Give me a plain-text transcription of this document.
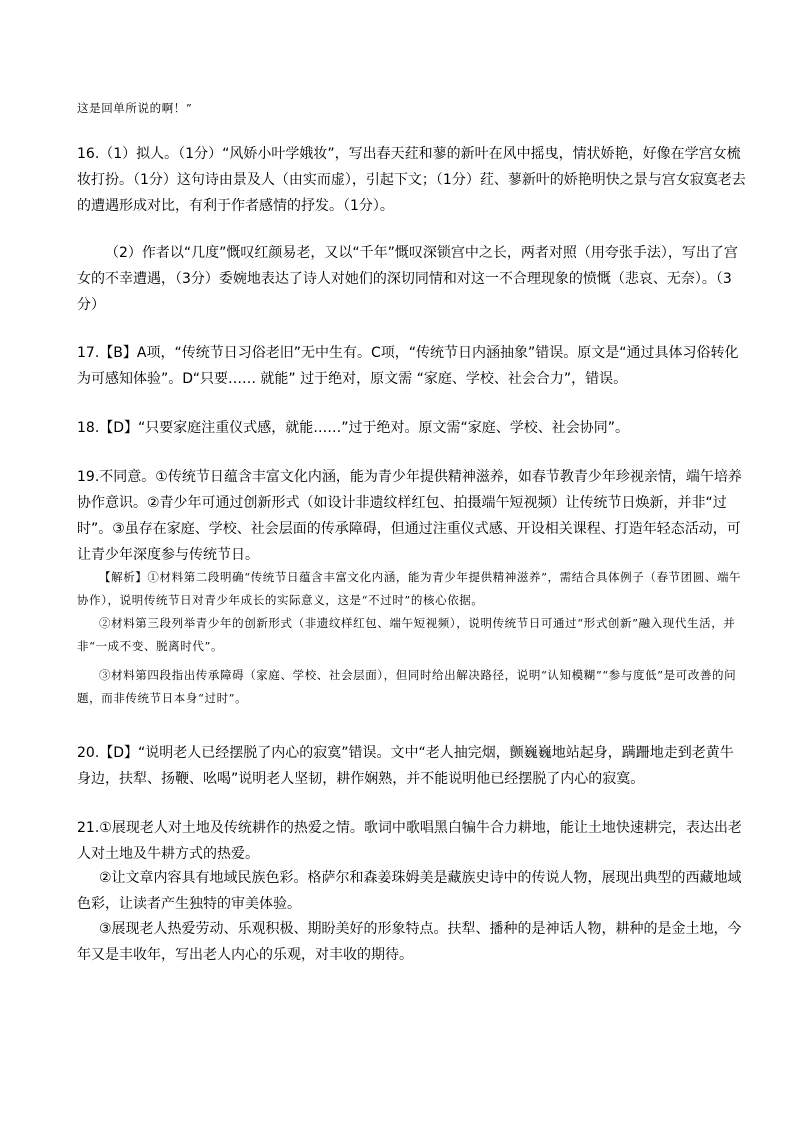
这是回单所说的啊！”

16.（1）拟人。（1分）“风娇小叶学娥妆”，写出春天荭和蓼的新叶在风中摇曳，情状娇艳，好像在学宫女梳妆打扮。（1分）这句诗由景及人（由实而虚），引起下文；（1分）荭、蓼新叶的娇艳明快之景与宫女寂寞老去的遭遇形成对比，有利于作者感情的抒发。（1分）。

（2）作者以“几度”慨叹红颜易老，又以“千年”慨叹深锁宫中之长，两者对照（用夸张手法），写出了宫女的不幸遭遇，（3分）委婉地表达了诗人对她们的深切同情和对这一不合理现象的愤慨（悲哀、无奈）。（3分）

17.【B】A项，“传统节日习俗老旧”无中生有。C项，“传统节日内涵抽象”错误。原文是“通过具体习俗转化为可感知体验”。D“只要…… 就能” 过于绝对，原文需 “家庭、学校、社会合力”，错误。

18.【D】“只要家庭注重仪式感，就能……”过于绝对。原文需“家庭、学校、社会协同”。

19.不同意。①传统节日蕴含丰富文化内涵，能为青少年提供精神滋养，如春节教青少年珍视亲情，端午培养协作意识。②青少年可通过创新形式（如设计非遗纹样红包、拍摄端午短视频）让传统节日焕新，并非“过时”。③虽存在家庭、学校、社会层面的传承障碍，但通过注重仪式感、开设相关课程、打造年轻态活动，可让青少年深度参与传统节日。

【解析】①材料第二段明确“传统节日蕴含丰富文化内涵，能为青少年提供精神滋养”，需结合具体例子（春节团圆、端午协作），说明传统节日对青少年成长的实际意义，这是“不过时”的核心依据。

②材料第三段列举青少年的创新形式（非遗纹样红包、端午短视频），说明传统节日可通过“形式创新”融入现代生活，并非“一成不变、脱离时代”。

③材料第四段指出传承障碍（家庭、学校、社会层面），但同时给出解决路径，说明“认知模糊”“参与度低”是可改善的问题，而非传统节日本身“过时”。

20.【D】“说明老人已经摆脱了内心的寂寞”错误。文中“老人抽完烟，颤巍巍地站起身，蹒跚地走到老黄牛身边，扶犁、扬鞭、吆喝”说明老人坚韧，耕作娴熟，并不能说明他已经摆脱了内心的寂寞。

21.①展现老人对土地及传统耕作的热爱之情。歌词中歌唱黑白犏牛合力耕地，能让土地快速耕完，表达出老人对土地及牛耕方式的热爱。

②让文章内容具有地域民族色彩。格萨尔和森姜珠姆美是藏族史诗中的传说人物，展现出典型的西藏地域色彩，让读者产生独特的审美体验。

③展现老人热爱劳动、乐观积极、期盼美好的形象特点。扶犁、播种的是神话人物，耕种的是金土地，今年又是丰收年，写出老人内心的乐观，对丰收的期待。
